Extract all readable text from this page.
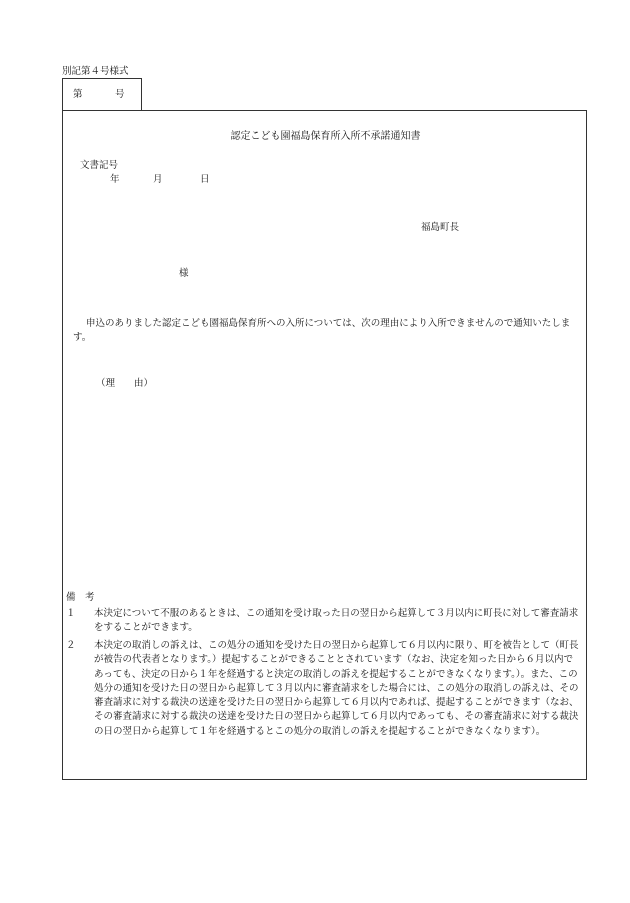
別記第４号様式
第	号
認定こども園福島保育所入所不承諾通知書
文書記号
年	月	日
福島町長
様
申込のありました認定こども園福島保育所への入所については、次の理由により入所できませんので通知いたします。
（理　　由）
備　考

１ 本決定について不服のあるときは、この通知を受け取った日の翌日から起算して３月以内に町長に対して審査請求をすることができます。

２ 本決定の取消しの訴えは、この処分の通知を受けた日の翌日から起算して６月以内に限り、町を被告として（町長が被告の代表者となります。）提起することができることとされています（なお、決定を知った日から６月以内であっても、決定の日から１年を経過すると決定の取消しの訴えを提起することができなくなります。）。また、この処分の通知を受けた日の翌日から起算して３月以内に審査請求をした場合には、この処分の取消しの訴えは、その審査請求に対する裁決の送達を受けた日の翌日から起算して６月以内であれば、提起することができます（なお、その審査請求に対する裁決の送達を受けた日の翌日から起算して６月以内であっても、その審査請求に対する裁決の日の翌日から起算して１年を経過するとこの処分の取消しの訴えを提起することができなくなります）。
